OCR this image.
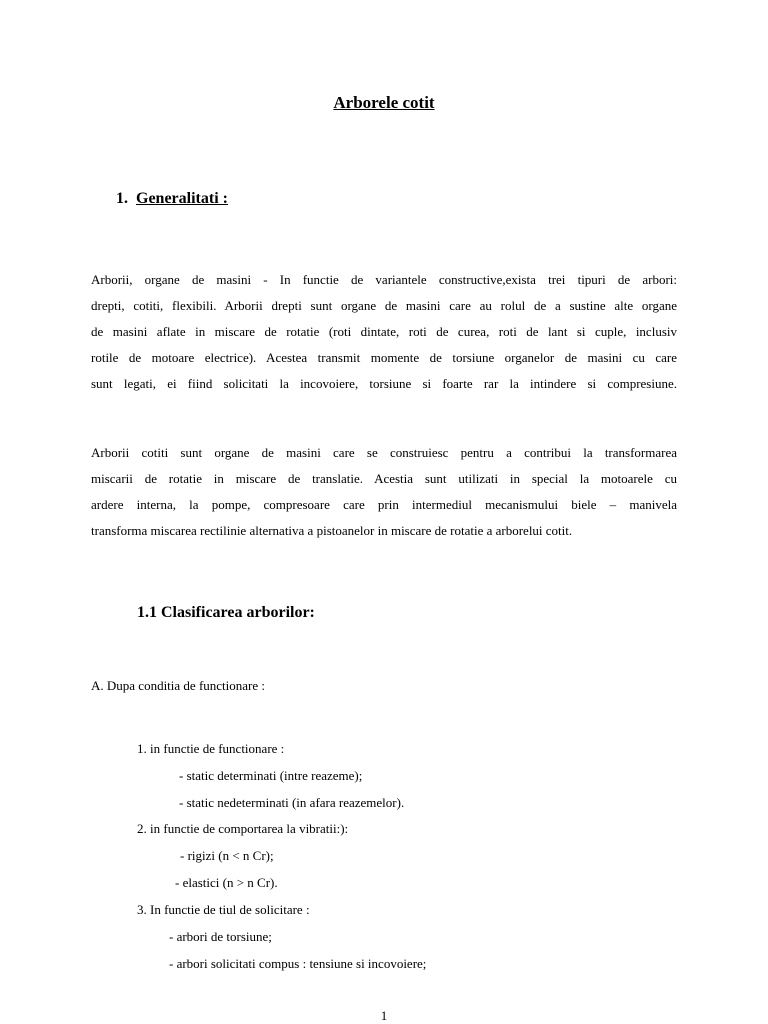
Arborele cotit
1. Generalitati :
Arborii, organe de masini - In functie de variantele constructive,exista trei tipuri de arbori:
drepti, cotiti, flexibili. Arborii drepti sunt organe de masini care au rolul de a sustine alte organe
de masini aflate in miscare de rotatie (roti dintate, roti de curea, roti de lant si cuple, inclusiv
rotile de motoare electrice). Acestea transmit momente de torsiune organelor de masini cu care
sunt legati, ei fiind solicitati la incovoiere, torsiune si foarte rar la intindere si compresiune.
Arborii cotiti sunt organe de masini care se construiesc pentru a contribui la transformarea
miscarii de rotatie in miscare de translatie. Acestia sunt utilizati in special la motoarele cu
ardere interna, la pompe, compresoare care prin intermediul mecanismului biele – manivela
transforma miscarea rectilinie alternativa a pistoanelor in miscare de rotatie a arborelui cotit.
1.1 Clasificarea arborilor:
A. Dupa conditia de functionare :
1. in functie de functionare :
- static determinati (intre reazeme);
- static nedeterminati (in afara reazemelor).
2. in functie de comportarea la vibratii:):
- rigizi (n < n Cr);
- elastici (n > n Cr).
3. In functie de tiul de solicitare :
- arbori de torsiune;
- arbori solicitati compus : tensiune si incovoiere;
1
